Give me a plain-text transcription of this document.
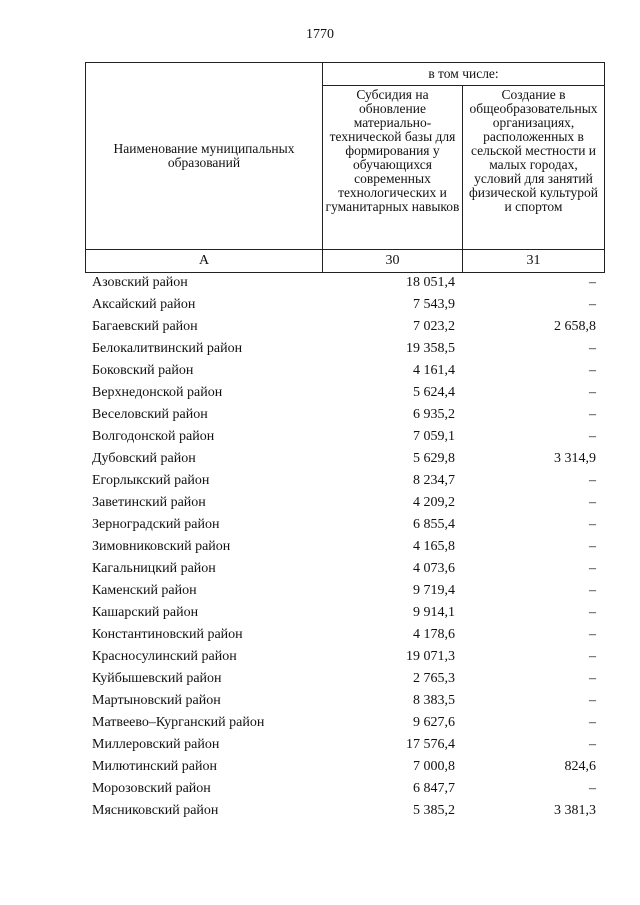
1770
Наименование муниципальных образований	в том числе:	
	Субсидия на обновление материально-технической базы для формирования у обучающихся современных технологических и гуманитарных навыков	Создание в общеобразовательных организациях, расположенных в сельской местности и малых городах, условий для занятий физической культурой и спортом
А	30	31
Азовский район	18 051,4	–
Аксайский район	7 543,9	–
Багаевский район	7 023,2	2 658,8
Белокалитвинский район	19 358,5	–
Боковский район	4 161,4	–
Верхнедонской район	5 624,4	–
Веселовский район	6 935,2	–
Волгодонской район	7 059,1	–
Дубовский район	5 629,8	3 314,9
Егорлыкский район	8 234,7	–
Заветинский район	4 209,2	–
Зерноградский район	6 855,4	–
Зимовниковский район	4 165,8	–
Кагальницкий район	4 073,6	–
Каменский район	9 719,4	–
Кашарский район	9 914,1	–
Константиновский район	4 178,6	–
Красносулинский район	19 071,3	–
Куйбышевский район	2 765,3	–
Мартыновский район	8 383,5	–
Матвеево–Курганский район	9 627,6	–
Миллеровский район	17 576,4	–
Милютинский район	7 000,8	824,6
Морозовский район	6 847,7	–
Мясниковский район	5 385,2	3 381,3
